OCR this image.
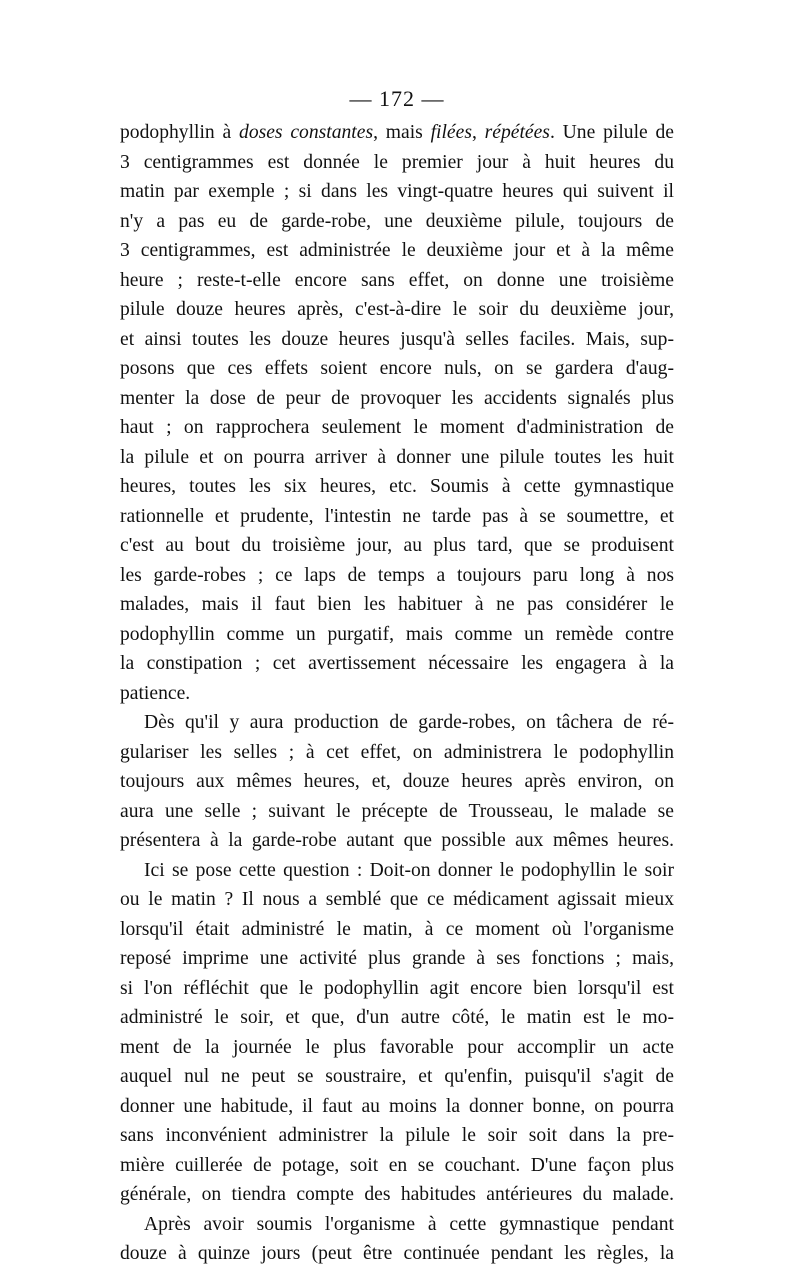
— 172 —
podophyllin à doses constantes, mais filées, répétées. Une pilule de
3 centigrammes est donnée le premier jour à huit heures du
matin par exemple ; si dans les vingt-quatre heures qui suivent il
n'y a pas eu de garde-robe, une deuxième pilule, toujours de
3 centigrammes, est administrée le deuxième jour et à la même
heure ; reste-t-elle encore sans effet, on donne une troisième
pilule douze heures après, c'est-à-dire le soir du deuxième jour,
et ainsi toutes les douze heures jusqu'à selles faciles. Mais, sup-
posons que ces effets soient encore nuls, on se gardera d'aug-
menter la dose de peur de provoquer les accidents signalés plus
haut ; on rapprochera seulement le moment d'administration de
la pilule et on pourra arriver à donner une pilule toutes les huit
heures, toutes les six heures, etc. Soumis à cette gymnastique
rationnelle et prudente, l'intestin ne tarde pas à se soumettre, et
c'est au bout du troisième jour, au plus tard, que se produisent
les garde-robes ; ce laps de temps a toujours paru long à nos
malades, mais il faut bien les habituer à ne pas considérer le
podophyllin comme un purgatif, mais comme un remède contre
la constipation ; cet avertissement nécessaire les engagera à la
patience.
Dès qu'il y aura production de garde-robes, on tâchera de ré-
gulariser les selles ; à cet effet, on administrera le podophyllin
toujours aux mêmes heures, et, douze heures après environ, on
aura une selle ; suivant le précepte de Trousseau, le malade se
présentera à la garde-robe autant que possible aux mêmes heures.
Ici se pose cette question : Doit-on donner le podophyllin le soir
ou le matin ? Il nous a semblé que ce médicament agissait mieux
lorsqu'il était administré le matin, à ce moment où l'organisme
reposé imprime une activité plus grande à ses fonctions ; mais,
si l'on réfléchit que le podophyllin agit encore bien lorsqu'il est
administré le soir, et que, d'un autre côté, le matin est le mo-
ment de la journée le plus favorable pour accomplir un acte
auquel nul ne peut se soustraire, et qu'enfin, puisqu'il s'agit de
donner une habitude, il faut au moins la donner bonne, on pourra
sans inconvénient administrer la pilule le soir soit dans la pre-
mière cuillerée de potage, soit en se couchant. D'une façon plus
générale, on tiendra compte des habitudes antérieures du malade.
Après avoir soumis l'organisme à cette gymnastique pendant
douze à quinze jours (peut être continuée pendant les règles, la
